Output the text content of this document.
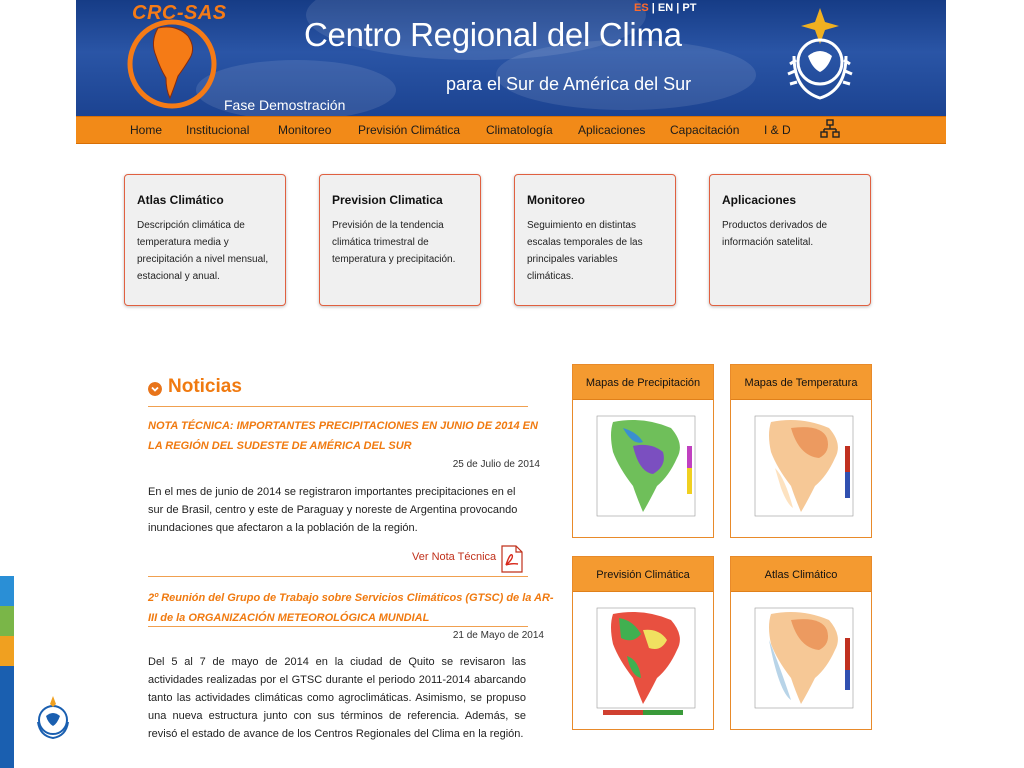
CRC-SAS
Fase Demostración
Centro Regional del Clima
para el Sur de América del Sur
ES | EN | PT
Home Institucional Monitoreo Previsión Climática Climatología Aplicaciones Capacitación I & D
Atlas Climático

Descripción climática de temperatura media y precipitación a nivel mensual, estacional y anual.

Prevision Climatica

Previsión de la tendencia climática trimestral de temperatura y precipitación.

Monitoreo

Seguimiento en distintas escalas temporales de las principales variables climáticas.

Aplicaciones

Productos derivados de información satelital.

Noticias
NOTA TÉCNICA: IMPORTANTES PRECIPITACIONES EN JUNIO DE 2014 EN LA REGIÓN DEL SUDESTE DE AMÉRICA DEL SUR
25 de Julio de 2014
En el mes de junio de 2014 se registraron importantes precipitaciones en el sur de Brasil, centro y este de Paraguay y noreste de Argentina provocando inundaciones que afectaron a la población de la región.
Ver Nota Técnica
2º Reunión del Grupo de Trabajo sobre Servicios Climáticos (GTSC) de la AR-III de la ORGANIZACIÓN METEOROLÓGICA MUNDIAL
21 de Mayo de 2014
Del 5 al 7 de mayo de 2014 en la ciudad de Quito se revisaron las actividades realizadas por el GTSC durante el periodo 2011-2014 abarcando tanto las actividades climáticas como agroclimáticas. Asimismo, se propuso una nueva estructura junto con sus términos de referencia. Además, se revisó el estado de avance de los Centros Regionales del Clima en la región.
Mapas de Precipitación	Mapas de Temperatura
Previsión Climática	Atlas Climático
